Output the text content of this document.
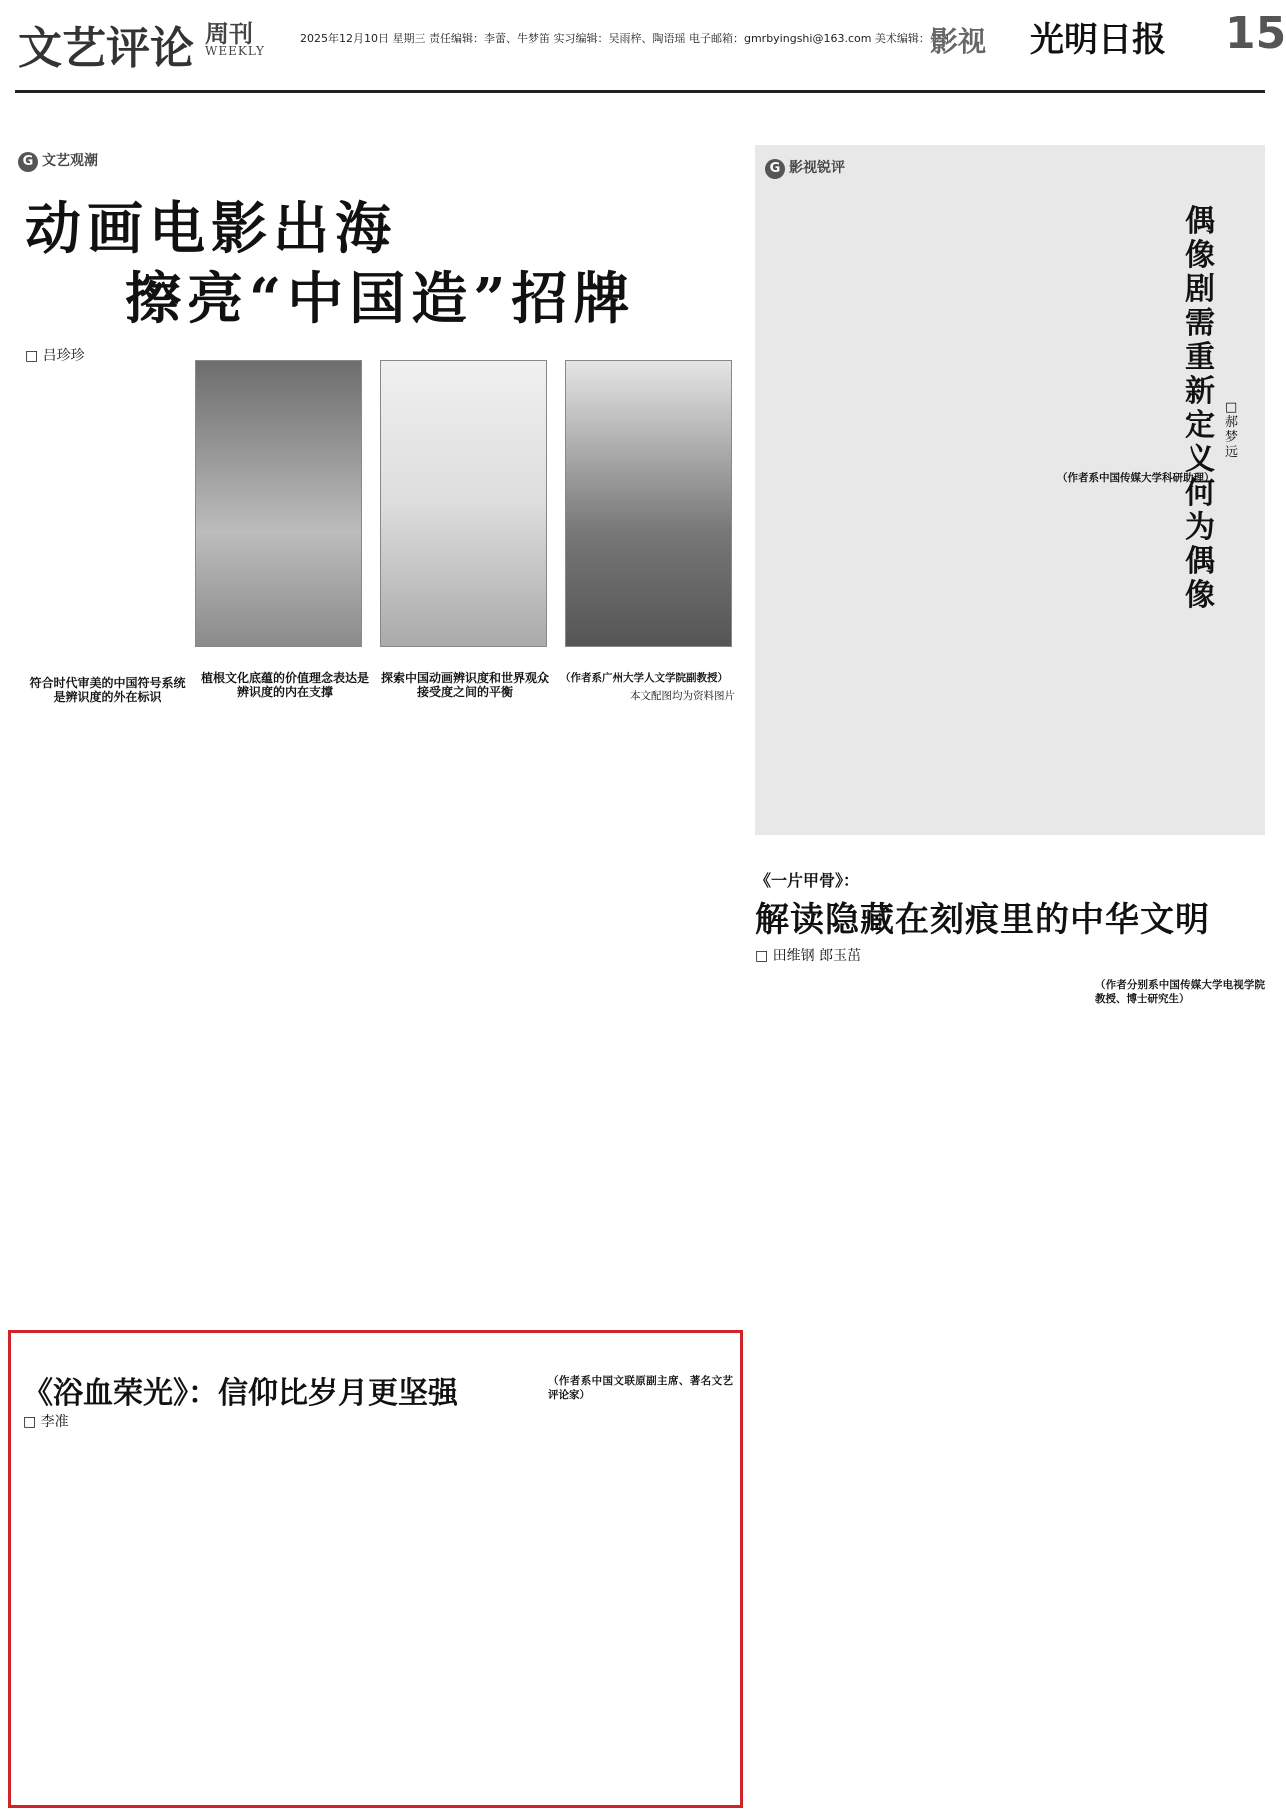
文艺评论 周刊
WEEKLY
2025年12月10日 星期三 责任编辑：李蕾、牛梦笛 实习编辑：吴雨梓、陶语瑶 电子邮箱：gmrbyingshi@163.com 美术编辑：朱江
影视 光明日报 15
G 文艺观潮
动画电影出海
擦亮“中国造”招牌
□ 吕珍珍
符合时代审美的中国符号系统是辨识度的外在标识
植根文化底蕴的价值理念表达是辨识度的内在支撑
探索中国动画辨识度和世界观众接受度之间的平衡
（作者系广州大学人文学院副教授）
本文配图均为资料图片
G 影视锐评
偶像剧需重新定义何为偶像
□ 郝梦远
（作者系中国传媒大学科研助理）
《一片甲骨》：
解读隐藏在刻痕里的中华文明
□ 田维钢 郎玉茁
（作者分别系中国传媒大学电视学院教授、博士研究生）
《浴血荣光》：信仰比岁月更坚强
□ 李准
（作者系中国文联原副主席、著名文艺评论家）
